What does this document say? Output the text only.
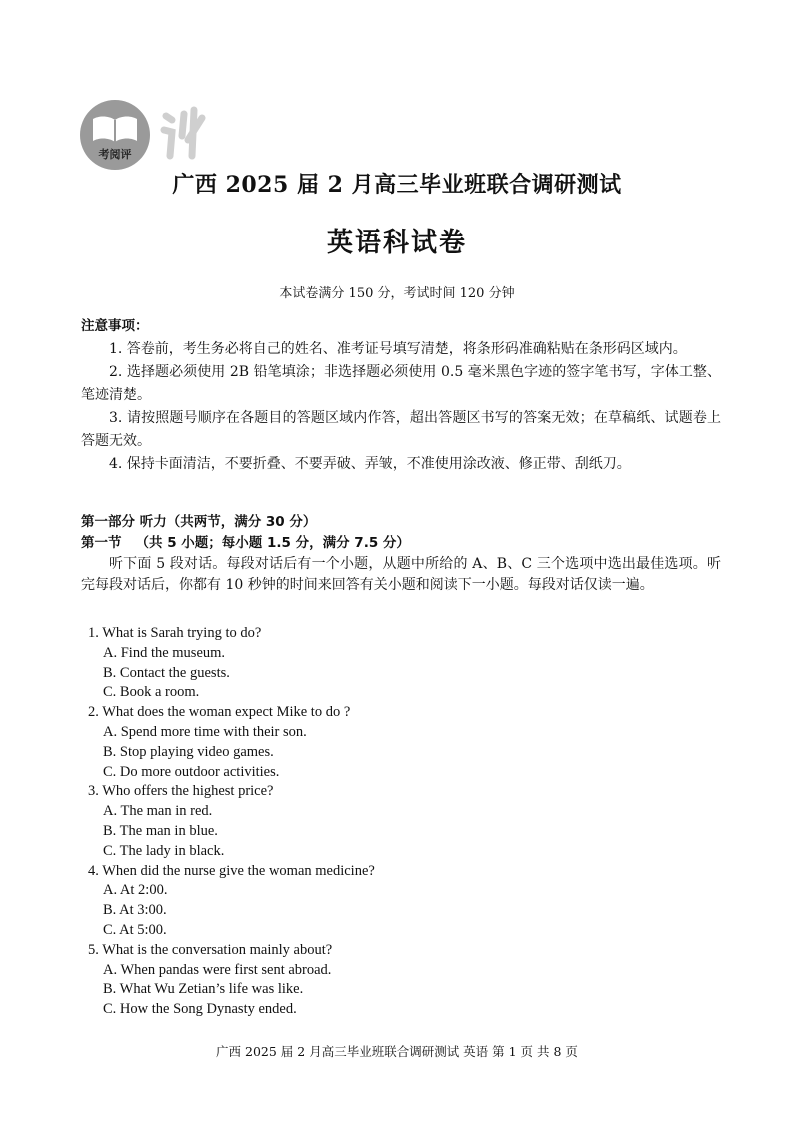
考阅评
广西 2025 届 2 月高三毕业班联合调研测试
英语科试卷
本试卷满分 150 分，考试时间 120 分钟
注意事项：

1. 答卷前，考生务必将自己的姓名、准考证号填写清楚，将条形码准确粘贴在条形码区域内。

2. 选择题必须使用 2B 铅笔填涂；非选择题必须使用 0.5 毫米黑色字迹的签字笔书写，字体工整、笔迹清楚。

3. 请按照题号顺序在各题目的答题区域内作答，超出答题区书写的答案无效；在草稿纸、试题卷上答题无效。

4. 保持卡面清洁，不要折叠、不要弄破、弄皱，不准使用涂改液、修正带、刮纸刀。

第一部分 听力（共两节，满分 30 分）
第一节 （共 5 小题；每小题 1.5 分，满分 7.5 分）

听下面 5 段对话。每段对话后有一个小题，从题中所给的 A、B、C 三个选项中选出最佳选项。听完每段对话后，你都有 10 秒钟的时间来回答有关小题和阅读下一小题。每段对话仅读一遍。

1. What is Sarah trying to do?

A. Find the museum.

B. Contact the guests.

C. Book a room.

2. What does the woman expect Mike to do ?

A. Spend more time with their son.

B. Stop playing video games.

C. Do more outdoor activities.

3. Who offers the highest price?

A. The man in red.

B. The man in blue.

C. The lady in black.

4. When did the nurse give the woman medicine?

A. At 2:00.

B. At 3:00.

C. At 5:00.

5. What is the conversation mainly about?

A. When pandas were first sent abroad.

B. What Wu Zetian’s life was like.

C. How the Song Dynasty ended.

广西 2025 届 2 月高三毕业班联合调研测试 英语 第 1 页 共 8 页
